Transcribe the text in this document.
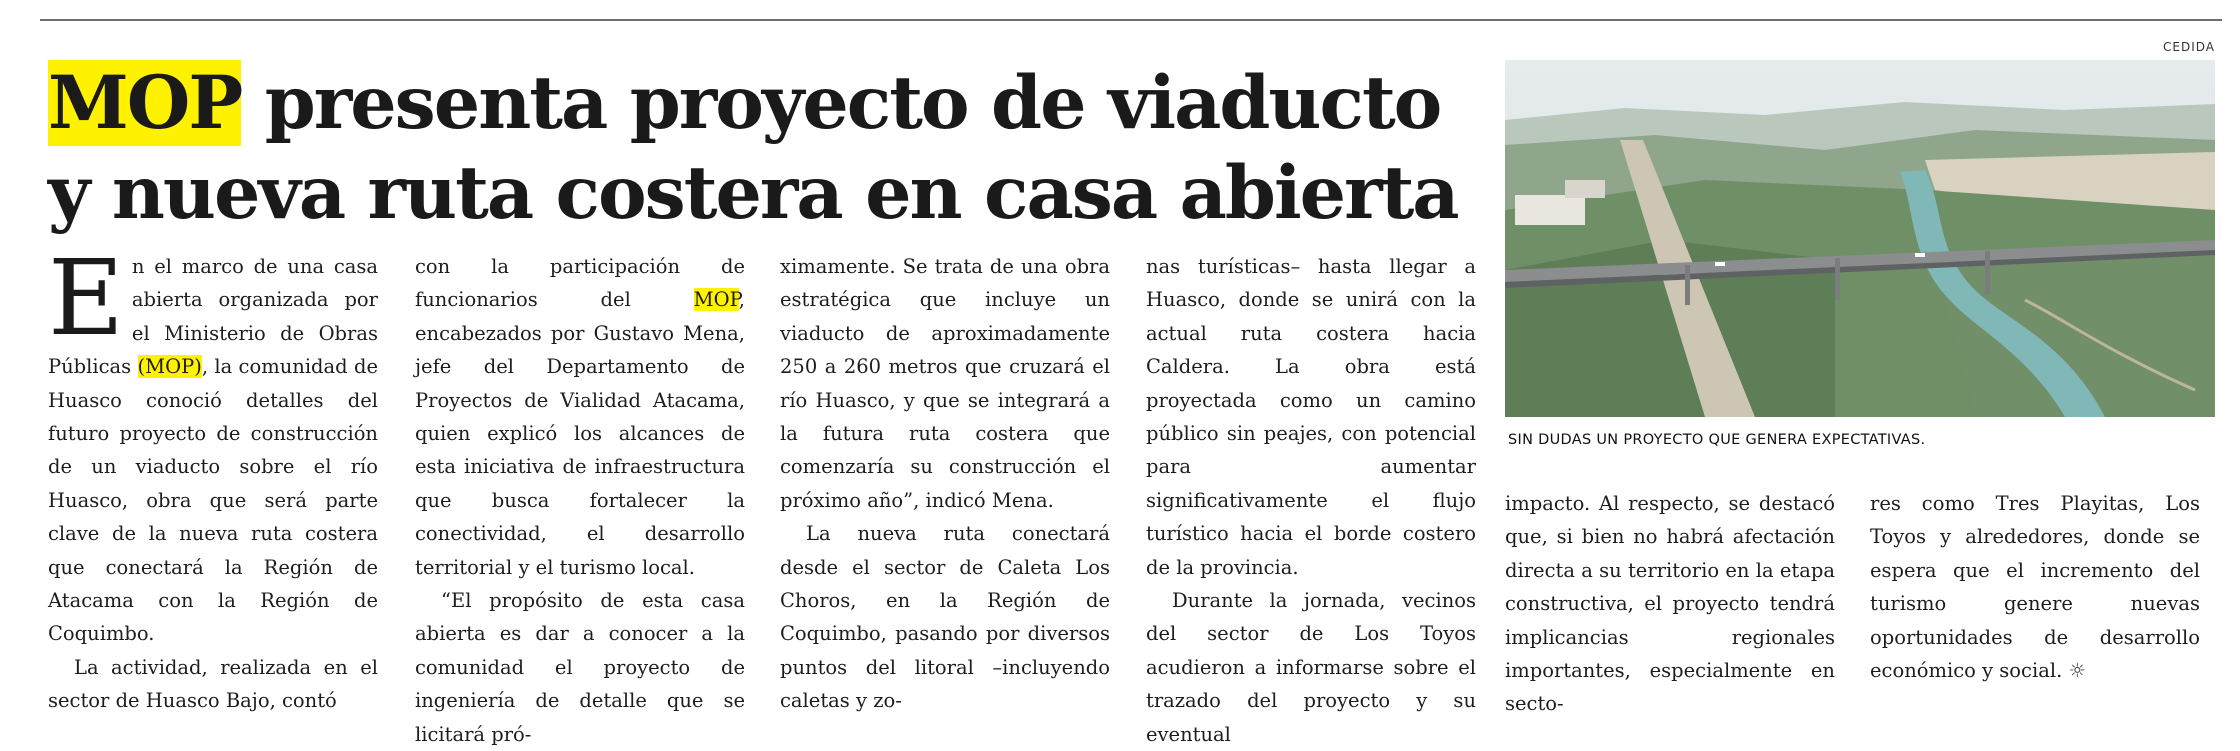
MOP presenta proyecto de viaducto y nueva ruta costera en casa abierta
CEDIDA

SIN DUDAS UN PROYECTO QUE GENERA EXPECTATIVAS.

En el marco de una casa abierta organizada por el Ministerio de Obras Públicas (MOP), la comunidad de Huasco conoció detalles del futuro proyecto de construcción de un viaducto sobre el río Huasco, obra que será parte clave de la nueva ruta costera que conectará la Región de Atacama con la Región de Coquimbo.

La actividad, realizada en el sector de Huasco Bajo, contó

con la participación de funcionarios del MOP, encabezados por Gustavo Mena, jefe del Departamento de Proyectos de Vialidad Atacama, quien explicó los alcances de esta iniciativa de infraestructura que busca fortalecer la conectividad, el desarrollo territorial y el turismo local.

“El propósito de esta casa abierta es dar a conocer a la comunidad el proyecto de ingeniería de detalle que se licitará pró-

ximamente. Se trata de una obra estratégica que incluye un viaducto de aproximadamente 250 a 260 metros que cruzará el río Huasco, y que se integrará a la futura ruta costera que comenzaría su construcción el próximo año”, indicó Mena.

La nueva ruta conectará desde el sector de Caleta Los Choros, en la Región de Coquimbo, pasando por diversos puntos del litoral –incluyendo caletas y zo-

nas turísticas– hasta llegar a Huasco, donde se unirá con la actual ruta costera hacia Caldera. La obra está proyectada como un camino público sin peajes, con potencial para aumentar significativamente el flujo turístico hacia el borde costero de la provincia.

Durante la jornada, vecinos del sector de Los Toyos acudieron a informarse sobre el trazado del proyecto y su eventual

impacto. Al respecto, se destacó que, si bien no habrá afectación directa a su territorio en la etapa constructiva, el proyecto tendrá implicancias regionales importantes, especialmente en secto-

res como Tres Playitas, Los Toyos y alrededores, donde se espera que el incremento del turismo genere nuevas oportunidades de desarrollo económico y social. ☼
